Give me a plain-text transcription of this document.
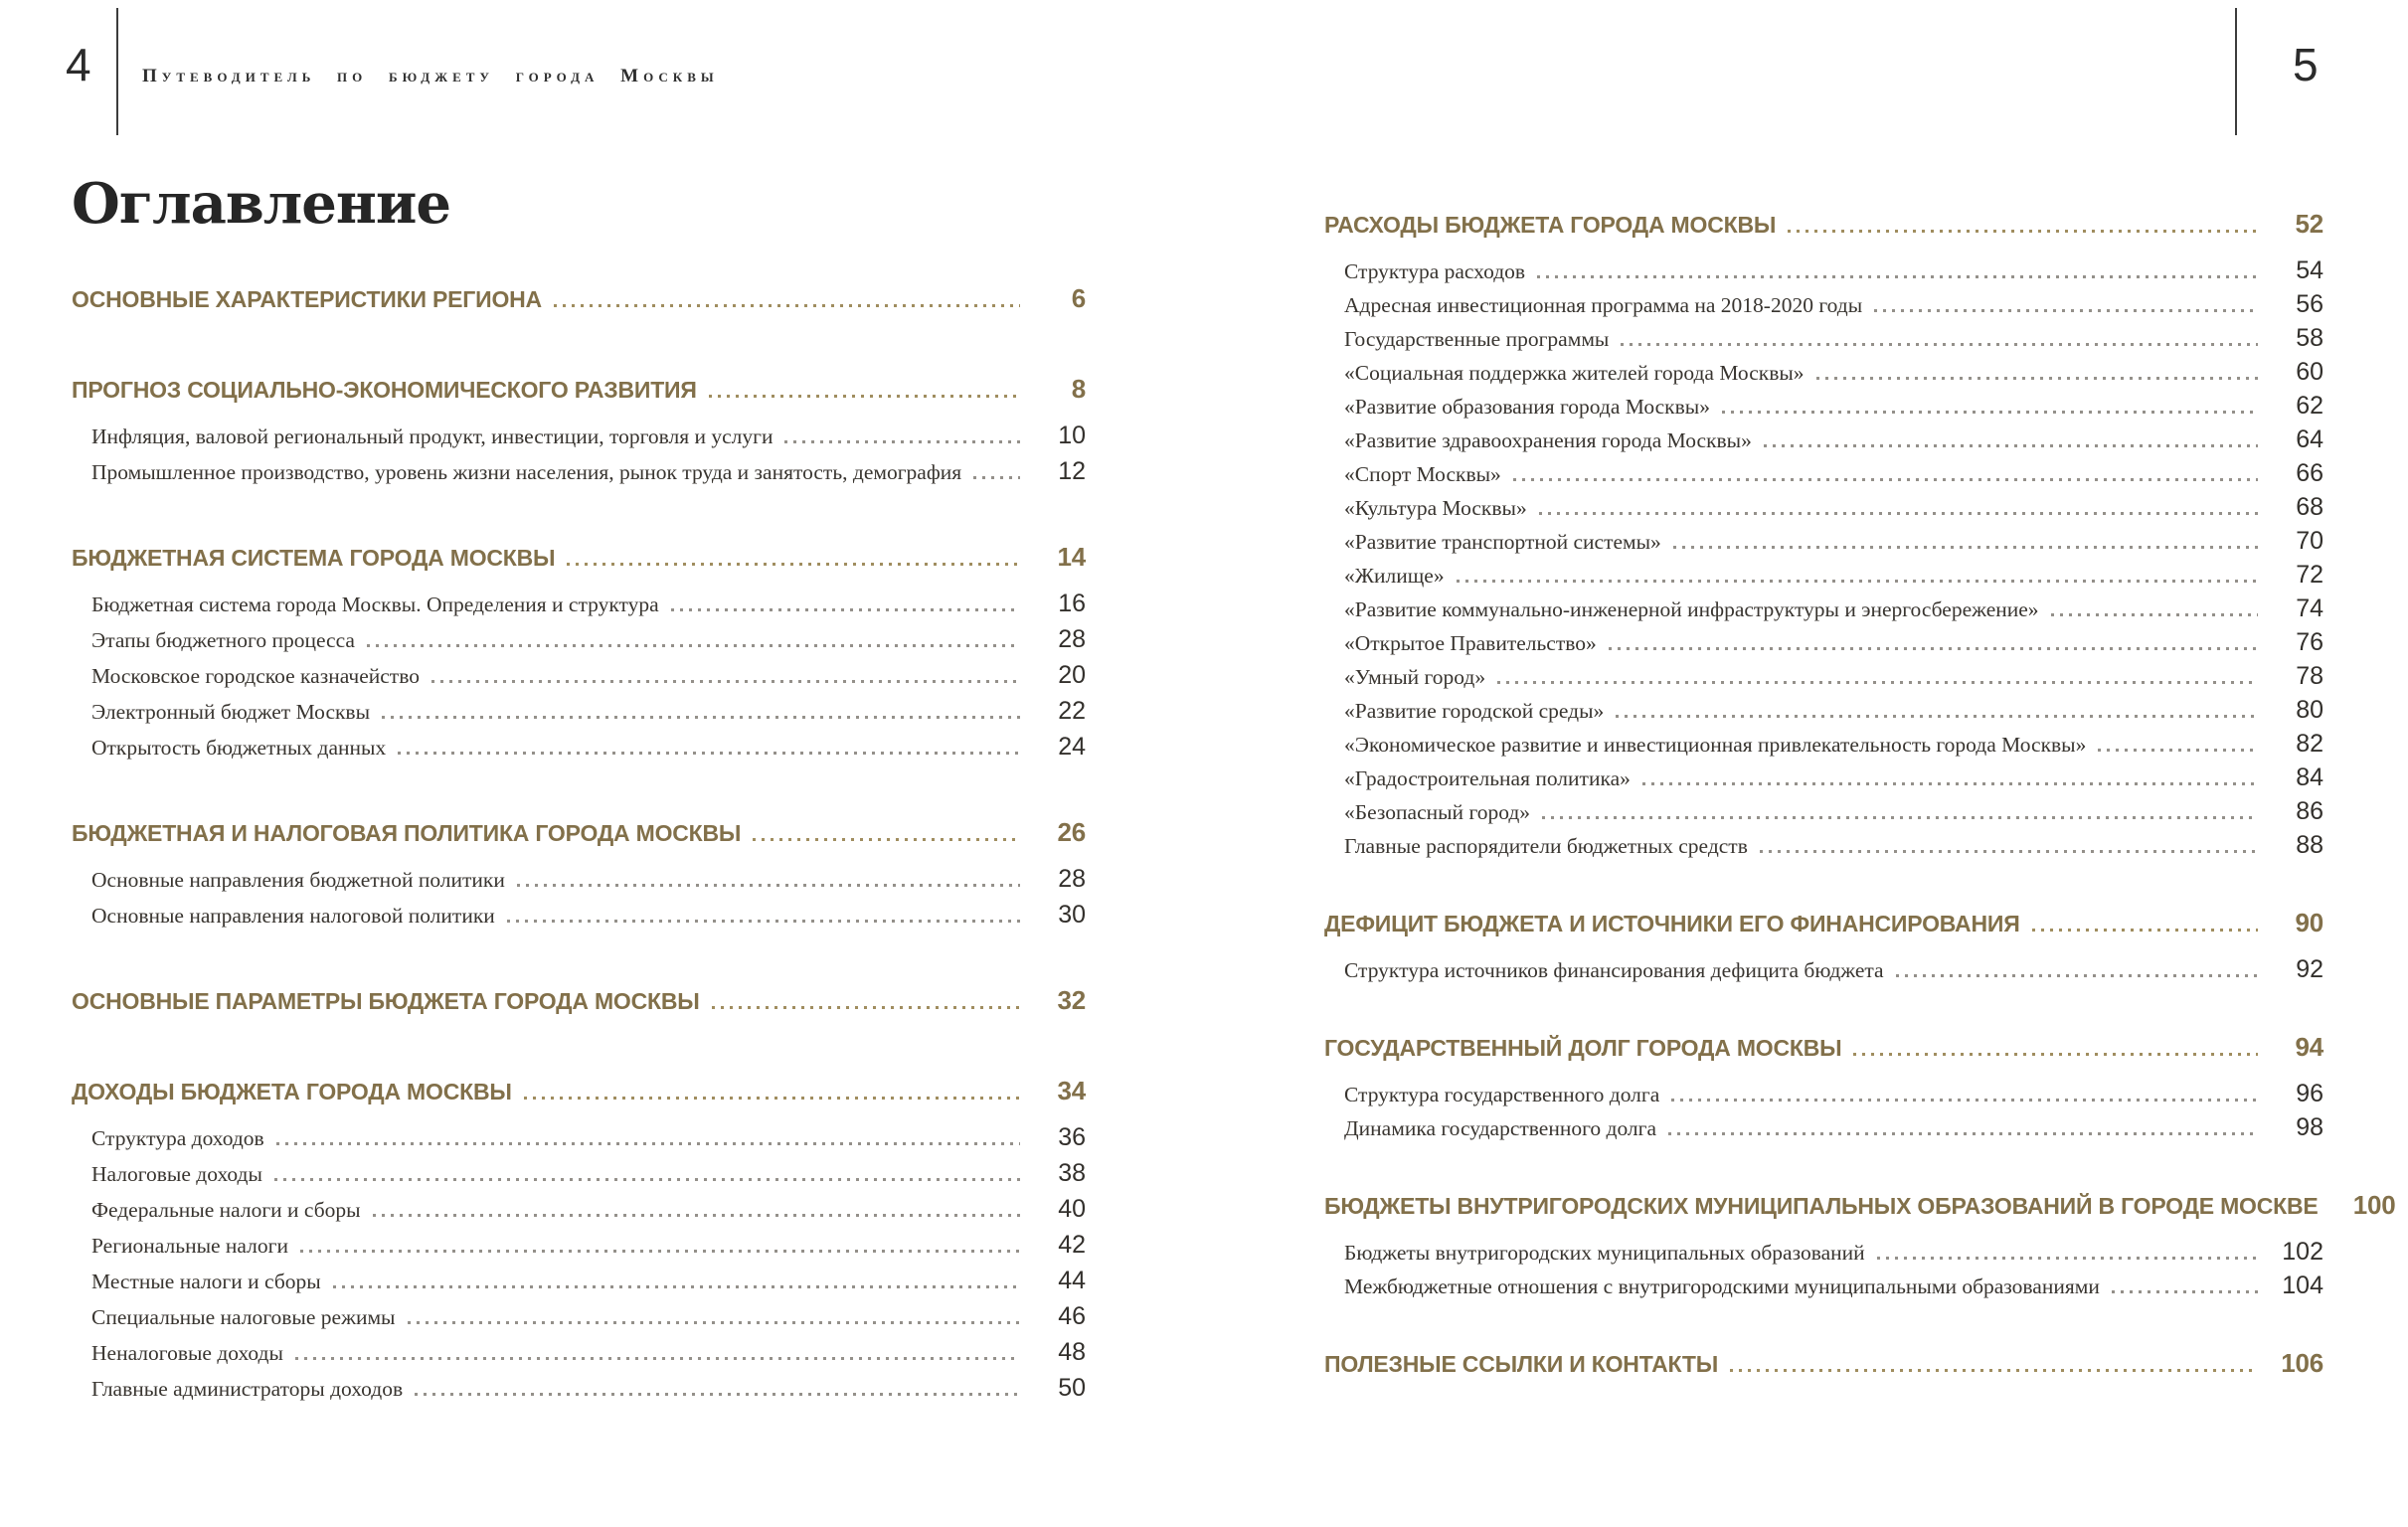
4	Путеводитель по бюджету города Москвы	5
Оглавление
ОСНОВНЫЕ ХАРАКТЕРИСТИКИ РЕГИОНА	6
ПРОГНОЗ СОЦИАЛЬНО-ЭКОНОМИЧЕСКОГО РАЗВИТИЯ	8
Инфляция, валовой региональный продукт, инвестиции, торговля и услуги	10
Промышленное производство, уровень жизни населения, рынок труда и занятость, демография	12
БЮДЖЕТНАЯ СИСТЕМА ГОРОДА МОСКВЫ	14
Бюджетная система города Москвы. Определения и структура	16
Этапы бюджетного процесса	28
Московское городское казначейство	20
Электронный бюджет Москвы	22
Открытость бюджетных данных	24
БЮДЖЕТНАЯ И НАЛОГОВАЯ ПОЛИТИКА ГОРОДА МОСКВЫ	26
Основные направления бюджетной политики	28
Основные направления налоговой политики	30
ОСНОВНЫЕ ПАРАМЕТРЫ БЮДЖЕТА ГОРОДА МОСКВЫ	32
ДОХОДЫ БЮДЖЕТА ГОРОДА МОСКВЫ	34
Структура доходов	36
Налоговые доходы	38
Федеральные налоги и сборы	40
Региональные налоги	42
Местные налоги и сборы	44
Специальные налоговые режимы	46
Неналоговые доходы	48
Главные администраторы доходов	50
РАСХОДЫ БЮДЖЕТА ГОРОДА МОСКВЫ	52
Структура расходов	54
Адресная инвестиционная программа на 2018-2020 годы	56
Государственные программы	58
«Социальная поддержка жителей города Москвы»	60
«Развитие образования города Москвы»	62
«Развитие здравоохранения города Москвы»	64
«Спорт Москвы»	66
«Культура Москвы»	68
«Развитие транспортной системы»	70
«Жилище»	72
«Развитие коммунально-инженерной инфраструктуры и энергосбережение»	74
«Открытое Правительство»	76
«Умный город»	78
«Развитие городской среды»	80
«Экономическое развитие и инвестиционная привлекательность города Москвы»	82
«Градостроительная политика»	84
«Безопасный город»	86
Главные распорядители бюджетных средств	88
ДЕФИЦИТ БЮДЖЕТА И ИСТОЧНИКИ ЕГО ФИНАНСИРОВАНИЯ	90
Структура источников финансирования дефицита бюджета	92
ГОСУДАРСТВЕННЫЙ ДОЛГ ГОРОДА МОСКВЫ	94
Структура государственного долга	96
Динамика государственного долга	98
БЮДЖЕТЫ ВНУТРИГОРОДСКИХ МУНИЦИПАЛЬНЫХ ОБРАЗОВАНИЙ В ГОРОДЕ МОСКВЕ	100
Бюджеты внутригородских муниципальных образований	102
Межбюджетные отношения с внутригородскими муниципальными образованиями	104
ПОЛЕЗНЫЕ ССЫЛКИ И КОНТАКТЫ	106
